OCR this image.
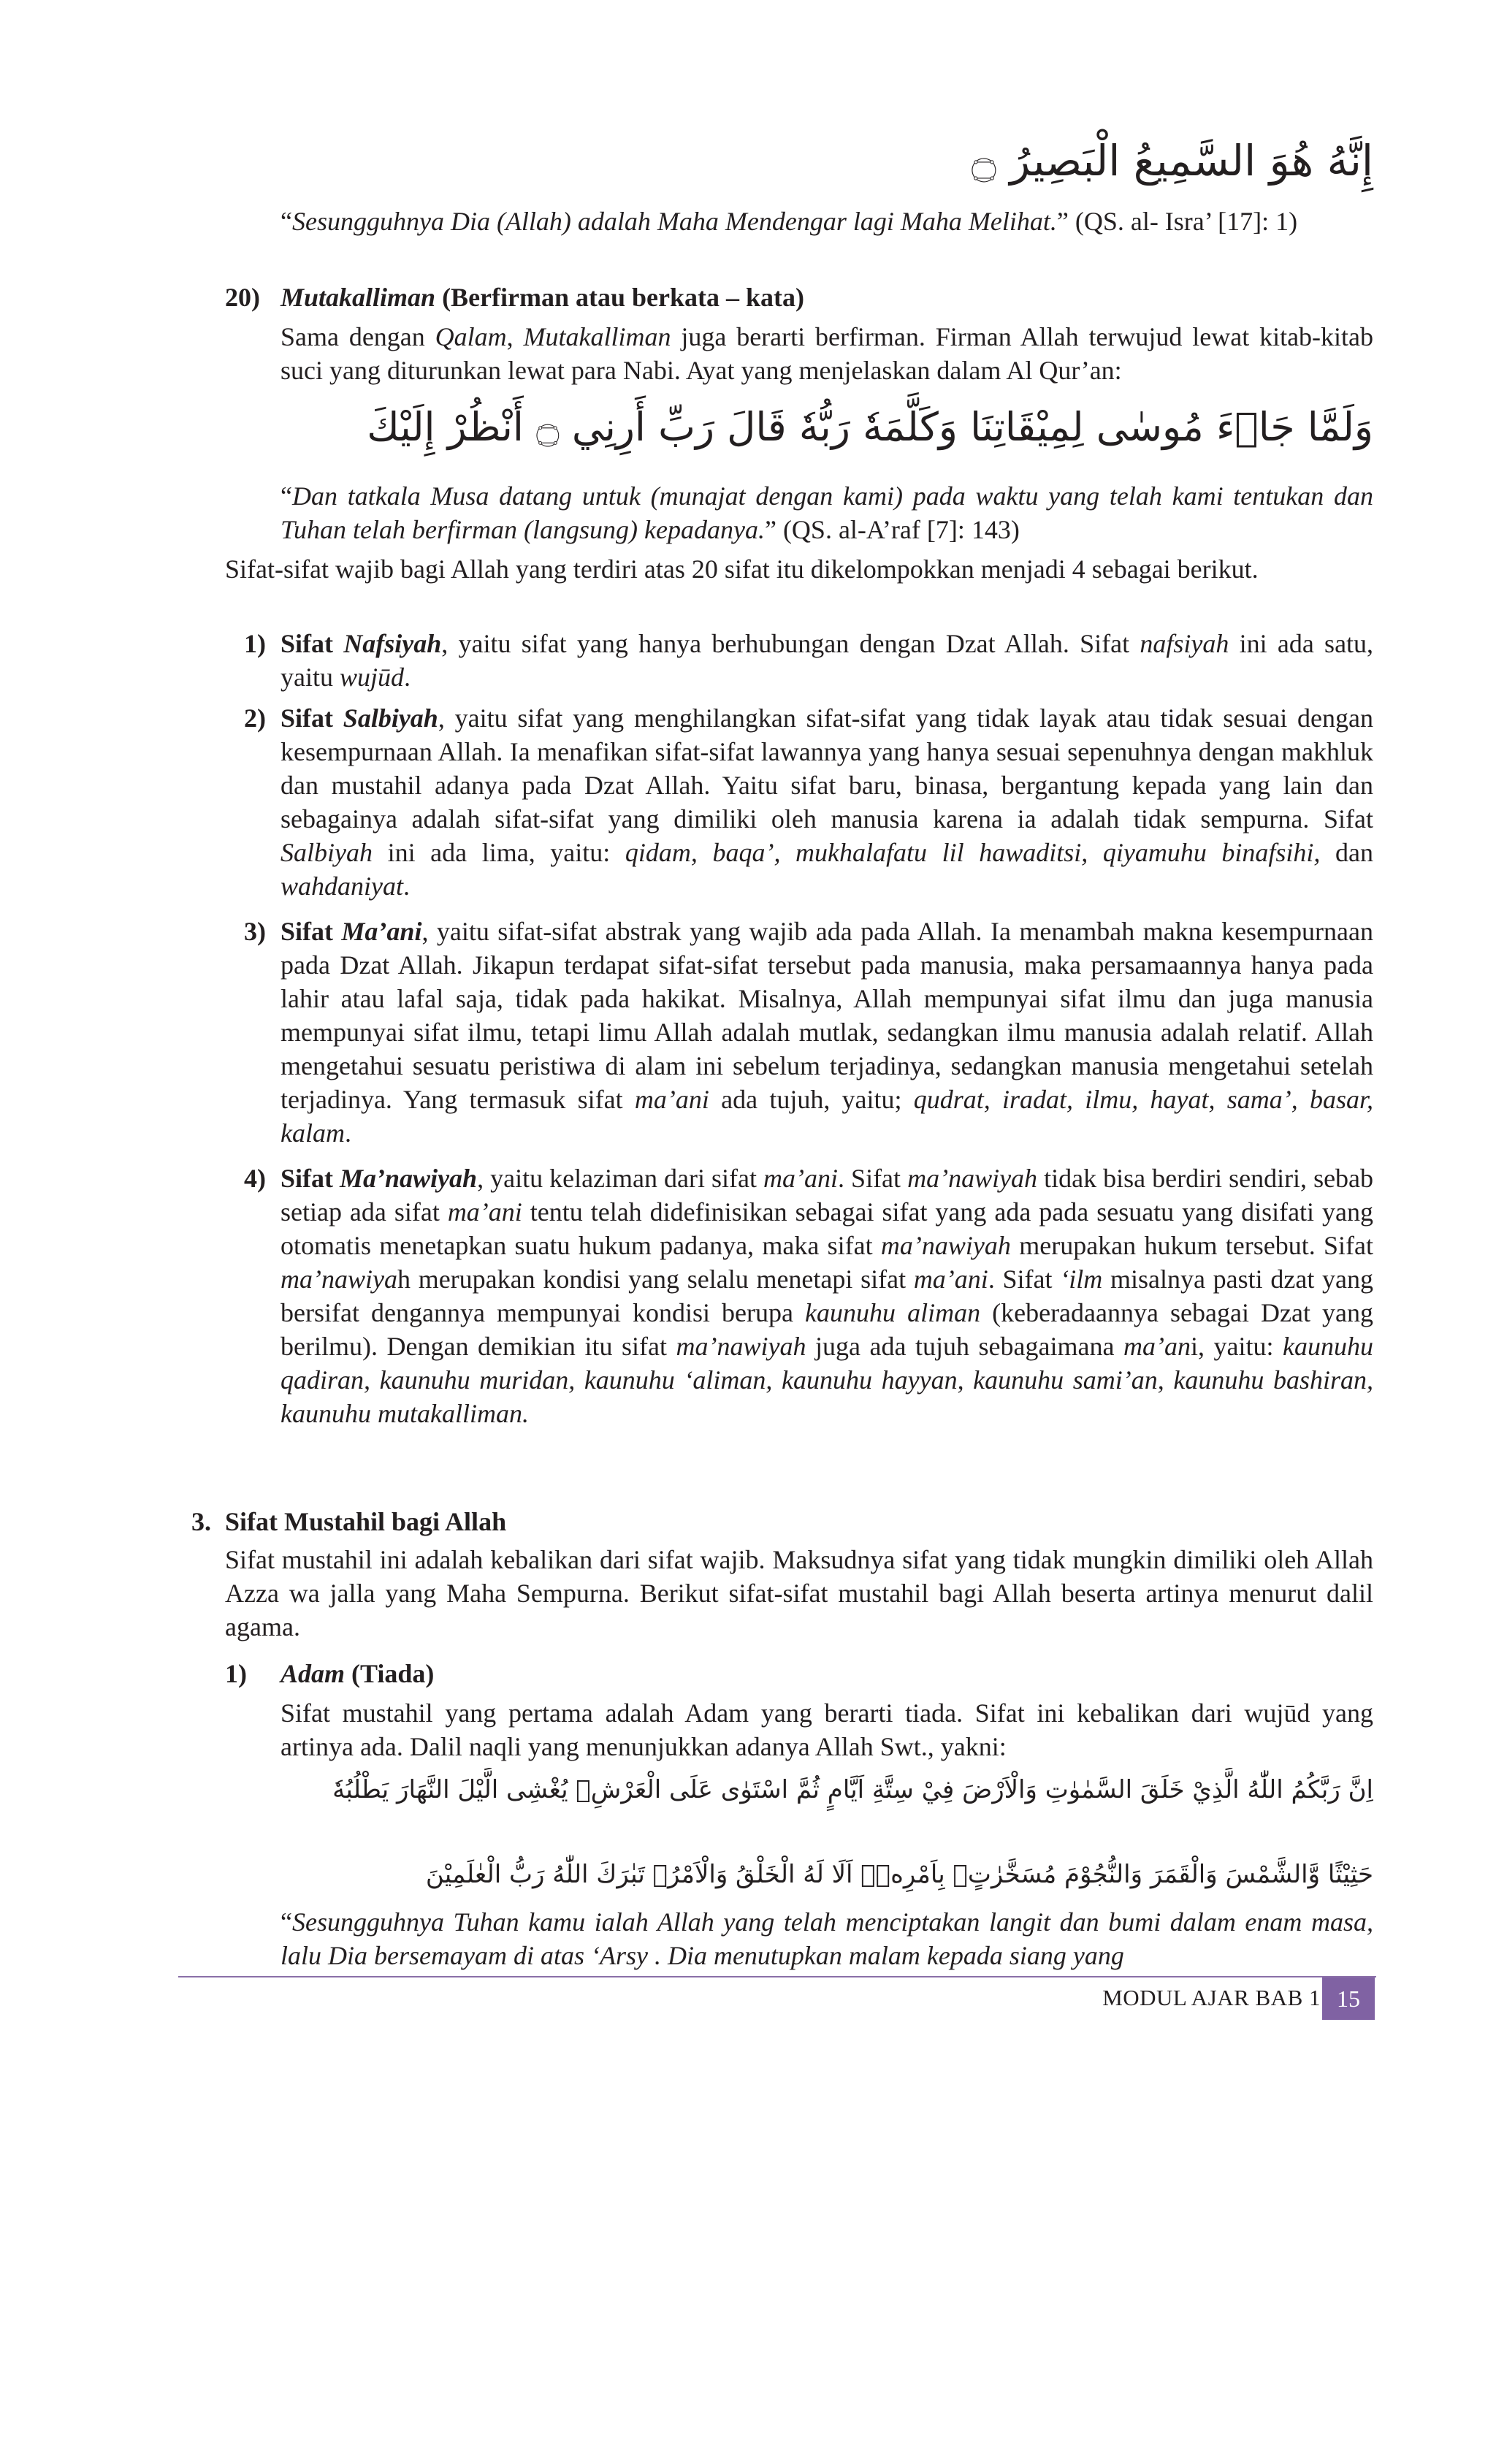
إِنَّهُ هُوَ السَّمِيعُ الْبَصِيرُ ۝
“Sesungguhnya Dia (Allah) adalah Maha Mendengar lagi Maha Melihat.” (QS. al- Isra’ [17]: 1)
20) Mutakalliman (Berfirman atau berkata – kata)
Sama dengan Qalam, Mutakalliman juga berarti berfirman. Firman Allah terwujud lewat kitab-kitab suci yang diturunkan lewat para Nabi. Ayat yang menjelaskan dalam Al Qur’an:
وَلَمَّا جَاۤءَ مُوسٰى لِمِيْقَاتِنَا وَكَلَّمَهٗ رَبُّهٗ قَالَ رَبِّ أَرِنِي ۝ أَنْظُرْ إِلَيْكَ
“Dan tatkala Musa datang untuk (munajat dengan kami) pada waktu yang telah kami tentukan dan Tuhan telah berfirman (langsung) kepadanya.” (QS. al-A’raf [7]: 143)
Sifat-sifat wajib bagi Allah yang terdiri atas 20 sifat itu dikelompokkan menjadi 4 sebagai berikut.
1) Sifat Nafsiyah, yaitu sifat yang hanya berhubungan dengan Dzat Allah. Sifat nafsiyah ini ada satu, yaitu wujūd.
2) Sifat Salbiyah, yaitu sifat yang menghilangkan sifat-sifat yang tidak layak atau tidak sesuai dengan kesempurnaan Allah. Ia menafikan sifat-sifat lawannya yang hanya sesuai sepenuhnya dengan makhluk dan mustahil adanya pada Dzat Allah. Yaitu sifat baru, binasa, bergantung kepada yang lain dan sebagainya adalah sifat-sifat yang dimiliki oleh manusia karena ia adalah tidak sempurna. Sifat Salbiyah ini ada lima, yaitu: qidam, baqa’, mukhalafatu lil hawaditsi, qiyamuhu binafsihi, dan wahdaniyat.
3) Sifat Ma’ani, yaitu sifat-sifat abstrak yang wajib ada pada Allah. Ia menambah makna kesempurnaan pada Dzat Allah. Jikapun terdapat sifat-sifat tersebut pada manusia, maka persamaannya hanya pada lahir atau lafal saja, tidak pada hakikat. Misalnya, Allah mempunyai sifat ilmu dan juga manusia mempunyai sifat ilmu, tetapi limu Allah adalah mutlak, sedangkan ilmu manusia adalah relatif. Allah mengetahui sesuatu peristiwa di alam ini sebelum terjadinya, sedangkan manusia mengetahui setelah terjadinya. Yang termasuk sifat ma’ani ada tujuh, yaitu; qudrat, iradat, ilmu, hayat, sama’, basar, kalam.
4) Sifat Ma’nawiyah, yaitu kelaziman dari sifat ma’ani. Sifat ma’nawiyah tidak bisa berdiri sendiri, sebab setiap ada sifat ma’ani tentu telah didefinisikan sebagai sifat yang ada pada sesuatu yang disifati yang otomatis menetapkan suatu hukum padanya, maka sifat ma’nawiyah merupakan hukum tersebut. Sifat ma’nawiyah merupakan kondisi yang selalu menetapi sifat ma’ani. Sifat ‘ilm misalnya pasti dzat yang bersifat dengannya mempunyai kondisi berupa kaunuhu aliman (keberadaannya sebagai Dzat yang berilmu). Dengan demikian itu sifat ma’nawiyah juga ada tujuh sebagaimana ma’ani, yaitu: kaunuhu qadiran, kaunuhu muridan, kaunuhu ‘aliman, kaunuhu hayyan, kaunuhu sami’an, kaunuhu bashiran, kaunuhu mutakalliman.
3. Sifat Mustahil bagi Allah
Sifat mustahil ini adalah kebalikan dari sifat wajib. Maksudnya sifat yang tidak mungkin dimiliki oleh Allah Azza wa jalla yang Maha Sempurna. Berikut sifat-sifat mustahil bagi Allah beserta artinya menurut dalil agama.
1) Adam (Tiada)
Sifat mustahil yang pertama adalah Adam yang berarti tiada. Sifat ini kebalikan dari wujūd yang artinya ada. Dalil naqli yang menunjukkan adanya Allah Swt., yakni:
اِنَّ رَبَّكُمُ اللّٰهُ الَّذِيْ خَلَقَ السَّمٰوٰتِ وَالْاَرْضَ فِيْ سِتَّةِ اَيَّامٍ ثُمَّ اسْتَوٰى عَلَى الْعَرْشِۗ يُغْشِى الَّيْلَ النَّهَارَ يَطْلُبُهٗ
حَثِيْثًا وَّالشَّمْسَ وَالْقَمَرَ وَالنُّجُوْمَ مُسَخَّرٰتٍۢ بِاَمْرِهٖۗ اَلَا لَهُ الْخَلْقُ وَالْاَمْرُۗ تَبٰرَكَ اللّٰهُ رَبُّ الْعٰلَمِيْنَ
“Sesungguhnya Tuhan kamu ialah Allah yang telah menciptakan langit dan bumi dalam enam masa, lalu Dia bersemayam di atas ‘Arsy . Dia menutupkan malam kepada siang yang
MODUL AJAR BAB 1 15
